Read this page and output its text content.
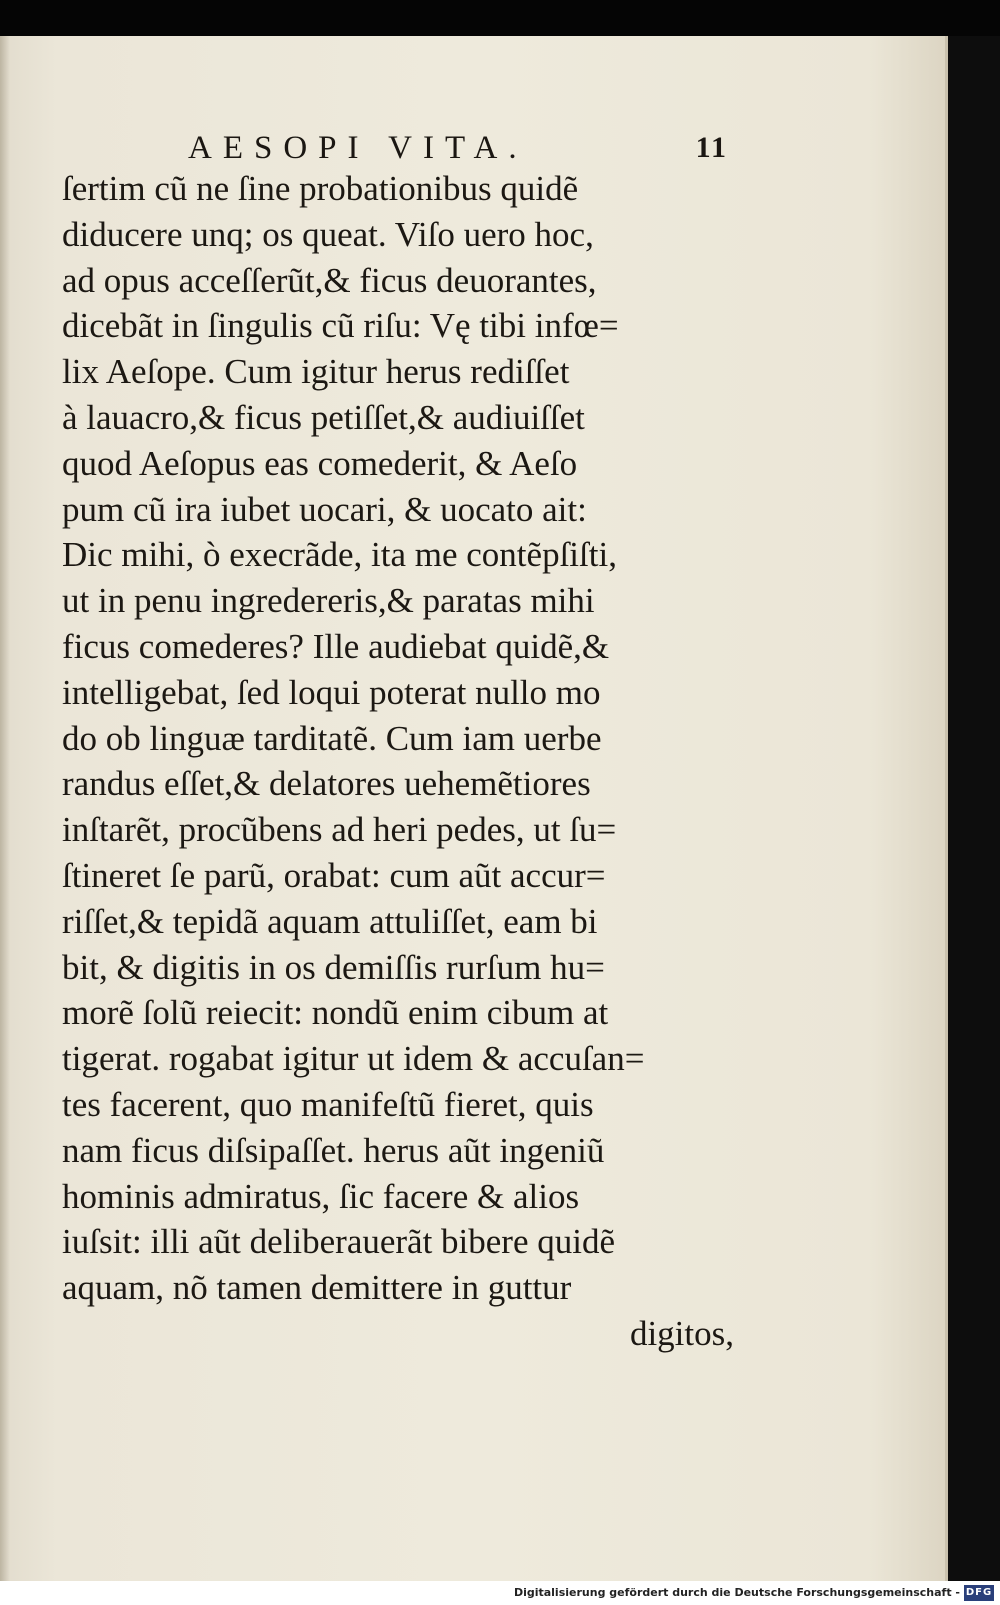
AESOPI VITA.	11
ſertim cũ ne ſine probationibus quidẽ
diducere unq; os queat. Viſo uero hoc,
ad opus acceſſerũt,& ficus deuorantes,
dicebãt in ſingulis cũ riſu: Vę tibi infœ=
lix Aeſope. Cum igitur herus rediſſet
à lauacro,& ficus petiſſet,& audiuiſſet
quod Aeſopus eas comederit, & Aeſo
pum cũ ira iubet uocari, & uocato ait:
Dic mihi, ò execrãde, ita me contẽpſiſti,
ut in penu ingredereris,& paratas mihi
ficus comederes? Ille audiebat quidẽ,&
intelligebat, ſed loqui poterat nullo mo
do ob linguæ tarditatẽ. Cum iam uerbe
randus eſſet,& delatores uehemẽtiores
inſtarẽt, procũbens ad heri pedes, ut ſu=
ſtineret ſe parũ, orabat: cum aũt accur=
riſſet,& tepidã aquam attuliſſet, eam bi
bit, & digitis in os demiſſis rurſum hu=
morẽ ſolũ reiecit: nondũ enim cibum at
tigerat. rogabat igitur ut idem & accuſan=
tes facerent, quo manifeſtũ fieret, quis
nam ficus diſsipaſſet. herus aũt ingeniũ
hominis admiratus, ſic facere & alios
iuſsit: illi aũt deliberauerãt bibere quidẽ
aquam, nõ tamen demittere in guttur
digitos,
Digitalisierung gefördert durch die Deutsche Forschungsgemeinschaft - DFG
